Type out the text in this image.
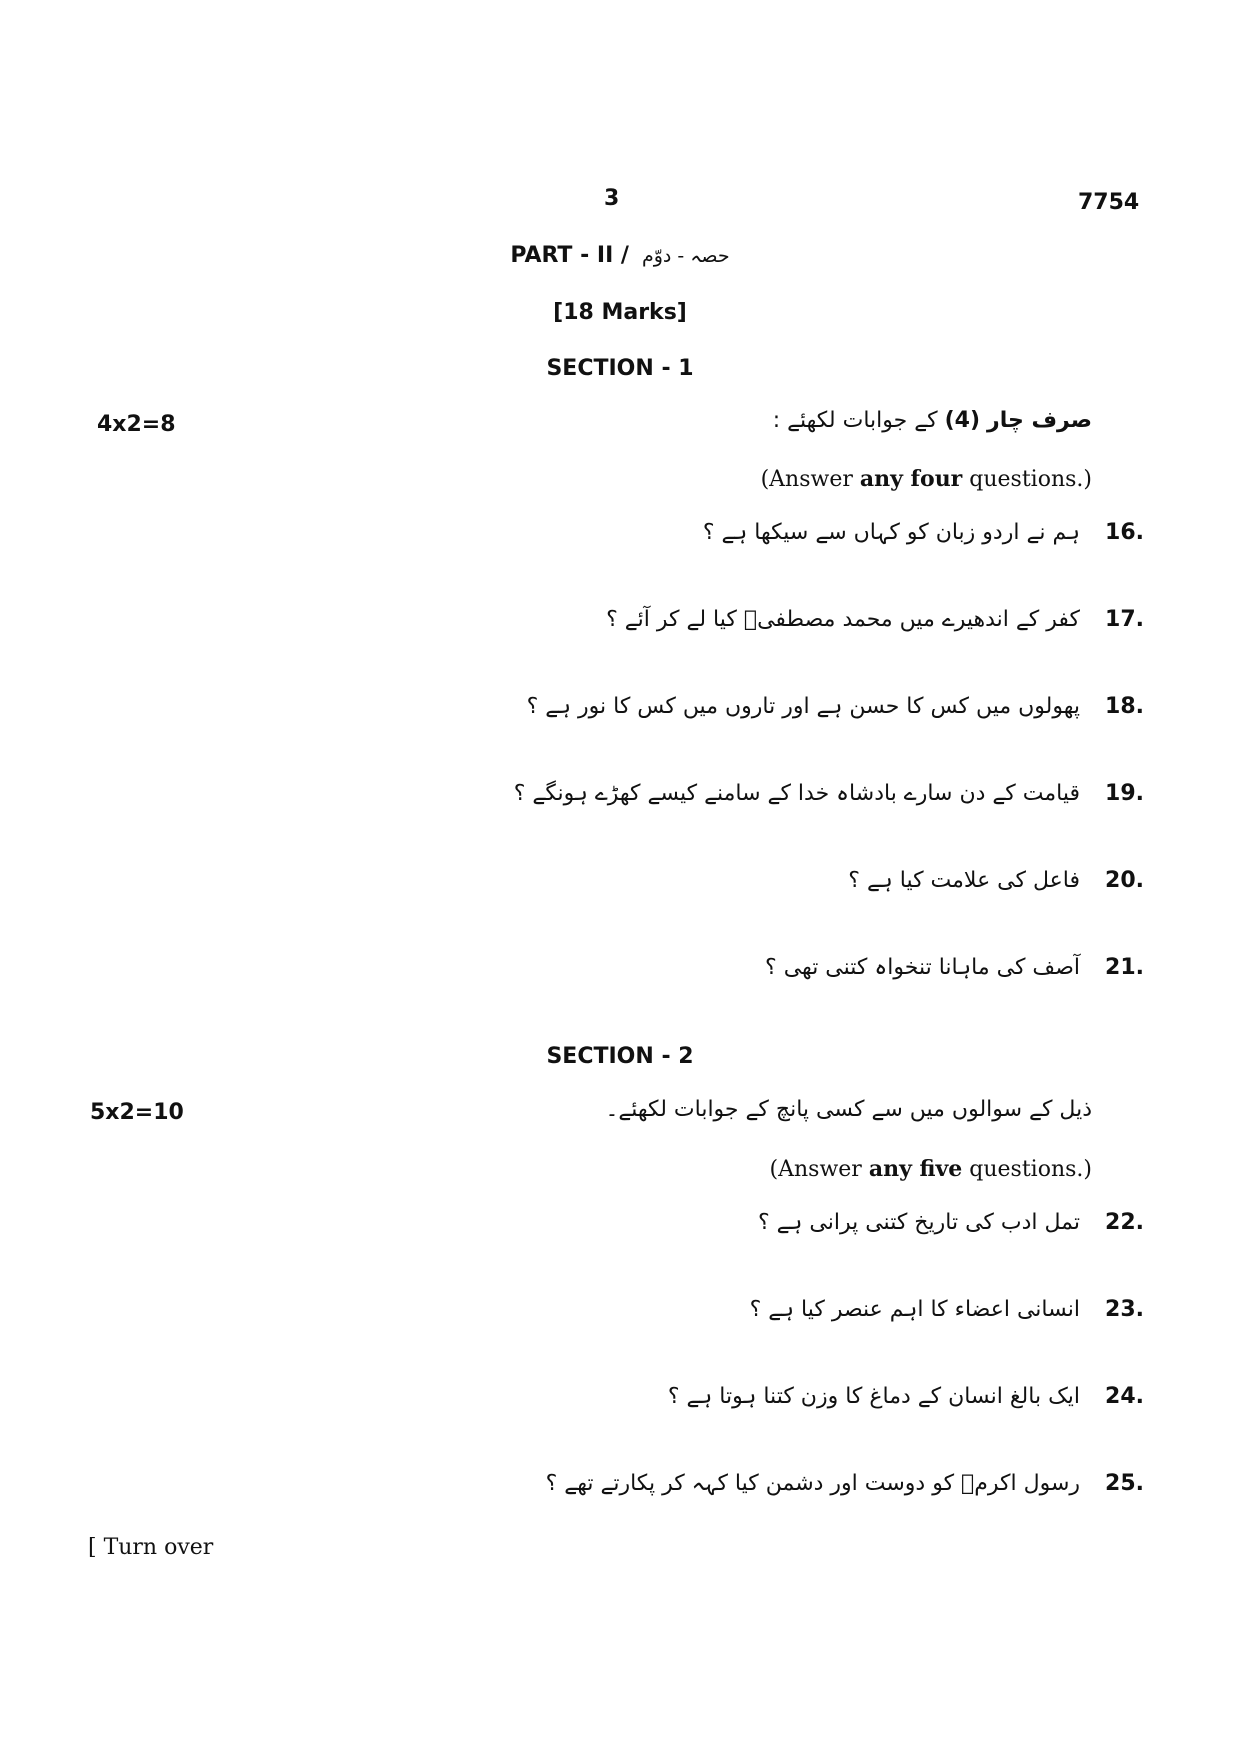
3	7754
PART - II / حصہ - دوّم
[18 Marks]
SECTION - 1
4x2=8	صرف چار (4) کے جوابات لکھئے :
(Answer any four questions.)
16.
ہم نے اردو زبان کو کہاں سے سیکھا ہے ؟
17.
کفر کے اندھیرے میں محمد مصطفیؐ کیا لے کر آئے ؟
18.
پھولوں میں کس کا حسن ہے اور تاروں میں کس کا نور ہے ؟
19.
قیامت کے دن سارے بادشاہ خدا کے سامنے کیسے کھڑے ہونگے ؟
20.
فاعل کی علامت کیا ہے ؟
21.
آصف کی ماہانا تنخواہ کتنی تھی ؟
SECTION - 2
5x2=10	ذیل کے سوالوں میں سے کسی پانچ کے جوابات لکھئے۔
(Answer any five questions.)
22.
تمل ادب کی تاریخ کتنی پرانی ہے ؟
23.
انسانی اعضاء کا اہم عنصر کیا ہے ؟
24.
ایک بالغ انسان کے دماغ کا وزن کتنا ہوتا ہے ؟
25.
رسول اکرمؐ کو دوست اور دشمن کیا کہہ کر پکارتے تھے ؟
[ Turn over
